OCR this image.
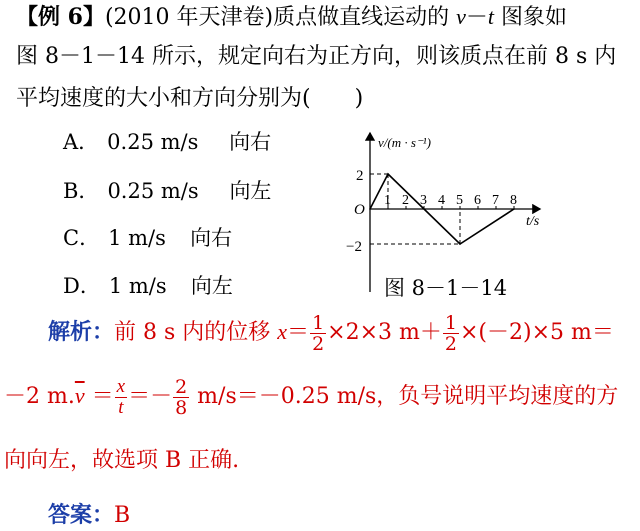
【例 6】(2010 年天津卷)质点做直线运动的 v－t 图象如
图 8－1－14 所示，规定向右为正方向，则该质点在前 8 s 内
平均速度的大小和方向分别为(　　)
A． 0.25 m/s 向右
B． 0.25 m/s 向左
C． 1 m/s 向右
D． 1 m/s 向左
v/(m · s⁻¹)
t/s
O
2
−2
1 2 3 4 5 6 7 8
图 8－1－14
解析：前 8 s 内的位移 $x= \frac{1}{2} \times 2\times 3$ $m+ \frac{1}{2} \times(-2)\times 5$ m＝
－2 $m.\overline{v} = \frac{x}{t} =- \frac{2}{8} m/s=-0.25$ m/s，负号说明平均速度的方
向向左，故选项 B 正确.
答案：B
